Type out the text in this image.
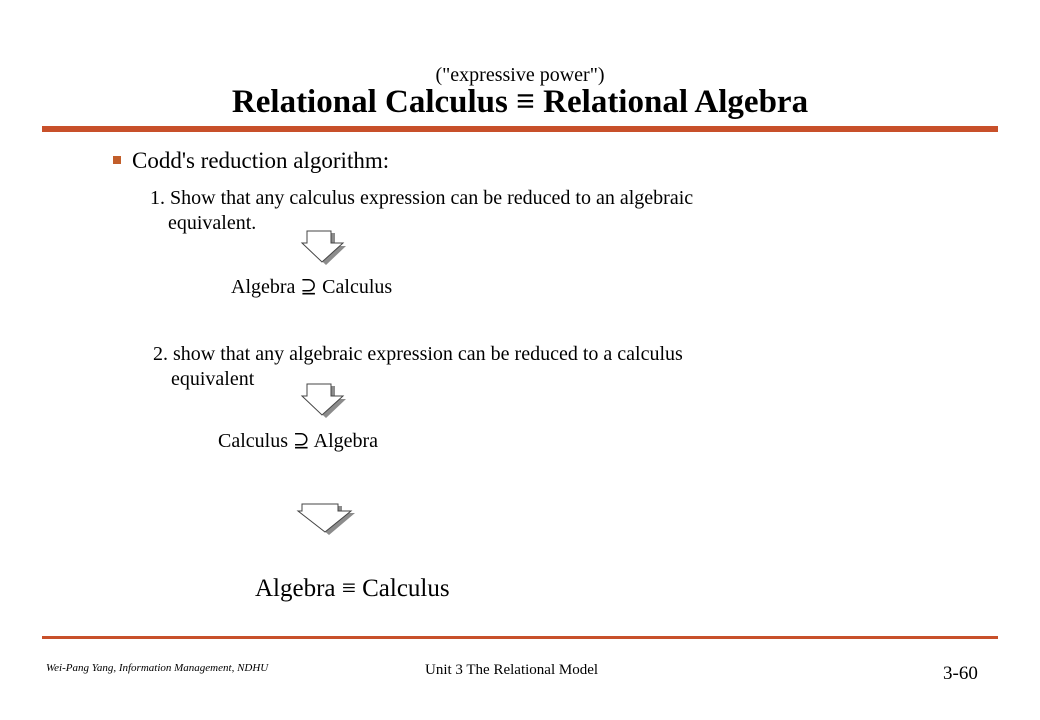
("expressive power")
Relational Calculus ≡ Relational Algebra
Codd's reduction algorithm:
1. Show that any calculus expression can be reduced to an algebraic
equivalent.
Algebra ⊇ Calculus
2. show that any algebraic expression can be reduced to a calculus
equivalent
Calculus ⊇ Algebra
Algebra ≡ Calculus
Wei-Pang Yang, Information Management, NDHU	Unit 3 The Relational Model	3-60
